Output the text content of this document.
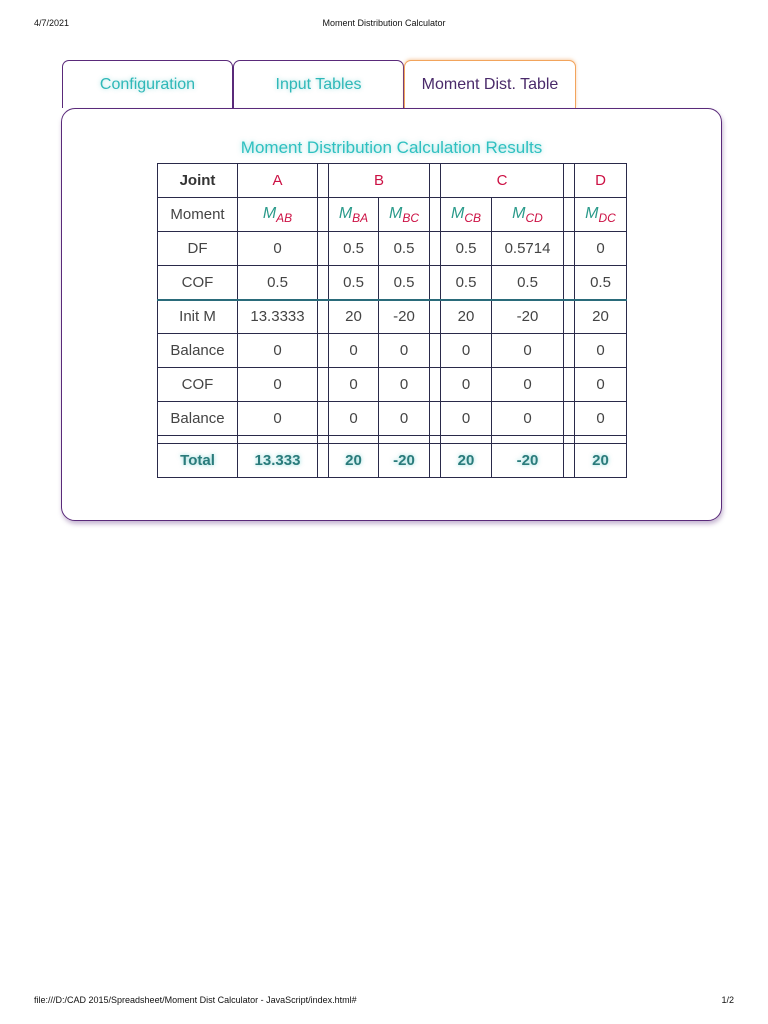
4/7/2021	Moment Distribution Calculator
Configuration	Input Tables	Moment Dist. Table
Moment Distribution Calculation Results
Joint	A		B			C			D
Moment	$M_{AB}$		$M_{BA}$	$M_{BC}$		$M_{CB}$	$M_{CD}$		$M_{DC}$
DF	0		0.5	0.5		0.5	0.5714		0
COF	0.5		0.5	0.5		0.5	0.5		0.5
Init M	13.3333		20	-20		20	-20		20
Balance	0		0	0		0	0		0
COF	0		0	0		0	0		0
Balance	0		0	0		0	0		0

Total	13.333		20	-20		20	-20		20
file:///D:/CAD 2015/Spreadsheet/Moment Dist Calculator - JavaScript/index.html#	1/2
